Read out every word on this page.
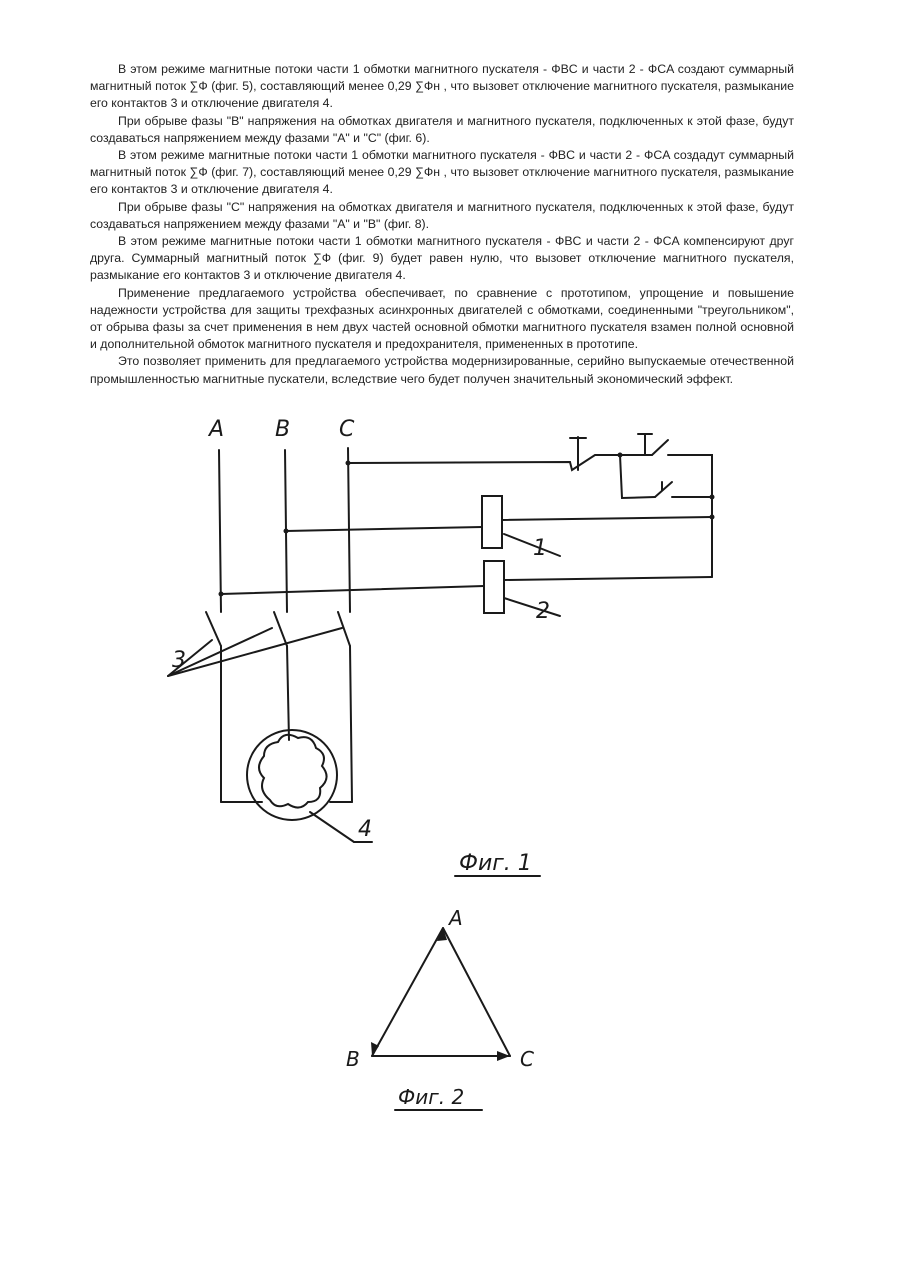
В этом режиме магнитные потоки части 1 обмотки магнитного пускателя - ФBC и части 2 - ФCA создают суммарный магнитный поток ∑Ф (фиг. 5), составляющий менее 0,29 ∑Фн , что вызовет отключение магнитного пускателя, размыкание его контактов 3 и отключение двигателя 4.

При обрыве фазы "В" напряжения на обмотках двигателя и магнитного пускателя, подключенных к этой фазе, будут создаваться напряжением между фазами "А" и "С" (фиг. 6).

В этом режиме магнитные потоки части 1 обмотки магнитного пускателя - ФBC и части 2 - ФCA создадут суммарный магнитный поток ∑Ф (фиг. 7), составляющий менее 0,29 ∑Фн , что вызовет отключение магнитного пускателя, размыкание его контактов 3 и отключение двигателя 4.

При обрыве фазы "С" напряжения на обмотках двигателя и магнитного пускателя, подключенных к этой фазе, будут создаваться напряжением между фазами "А" и "В" (фиг. 8).

В этом режиме магнитные потоки части 1 обмотки магнитного пускателя - ФBC и части 2 - ФCA компенсируют друг друга. Суммарный магнитный поток ∑Ф (фиг. 9) будет равен нулю, что вызовет отключение магнитного пускателя, размыкание его контактов 3 и отключение двигателя 4.

Применение предлагаемого устройства обеспечивает, по сравнение с прототипом, упрощение и повышение надежности устройства для защиты трехфазных асинхронных двигателей с обмотками, соединенными "треугольником", от обрыва фазы за счет применения в нем двух частей основной обмотки магнитного пускателя взамен полной основной и дополнительной обмоток магнитного пускателя и предохранителя, примененных в прототипе.

Это позволяет применить для предлагаемого устройства модернизированные, серийно выпускаемые отечественной промышленностью магнитные пускатели, вследствие чего будет получен значительный экономический эффект.

А В С
1
2
3
4
Фиг. 1
А
В	С
Фиг. 2
